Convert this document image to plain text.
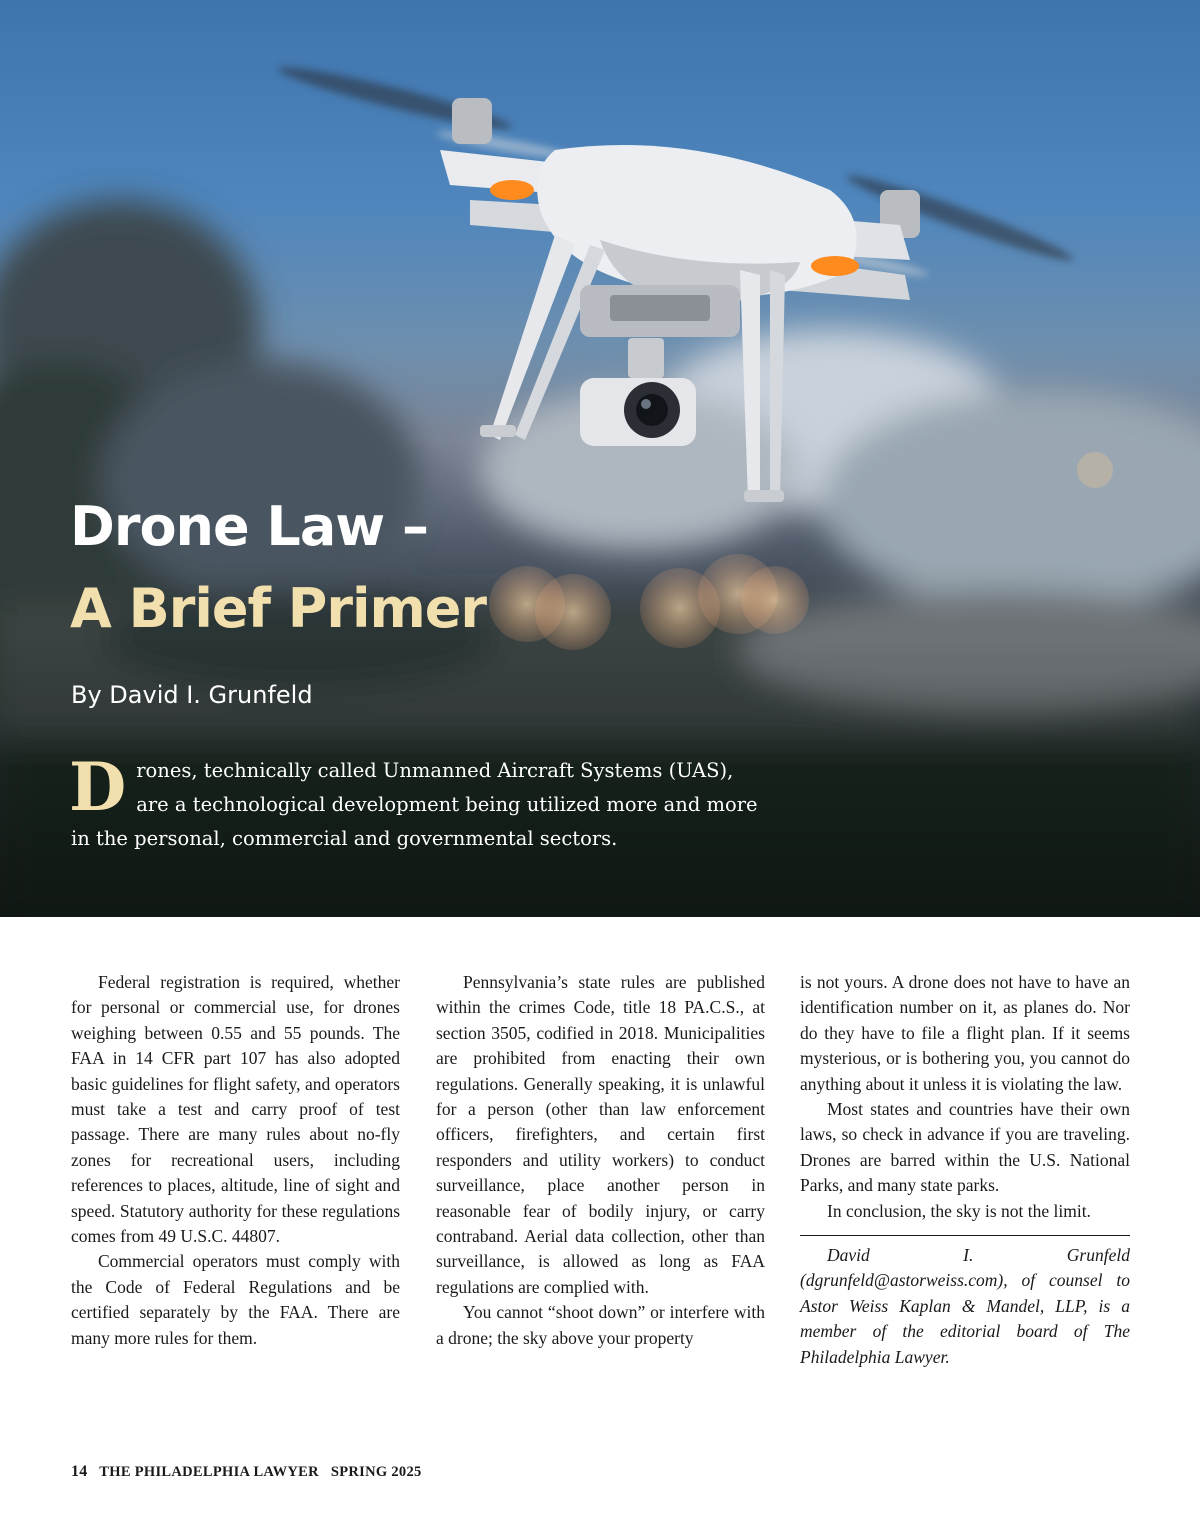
Drone Law –
A Brief Primer
By David I. Grunfeld

Drones, technically called Unmanned Aircraft Systems (UAS), are a technological development being utilized more and more in the personal, commercial and governmental sectors.

Federal registration is required, whether for personal or commercial use, for drones weighing between 0.55 and 55 pounds. The FAA in 14 CFR part 107 has also adopted basic guidelines for flight safety, and operators must take a test and carry proof of test passage. There are many rules about no-fly zones for recreational users, including references to places, altitude, line of sight and speed. Statutory authority for these regulations comes from 49 U.S.C. 44807.

Commercial operators must comply with the Code of Federal Regulations and be certified separately by the FAA. There are many more rules for them.

Pennsylvania’s state rules are published within the crimes Code, title 18 PA.C.S., at section 3505, codified in 2018. Municipalities are prohibited from enacting their own regulations. Generally speaking, it is unlawful for a person (other than law enforcement officers, firefighters, and certain first responders and utility workers) to conduct surveillance, place another person in reasonable fear of bodily injury, or carry contraband. Aerial data collection, other than surveillance, is allowed as long as FAA regulations are complied with.

You cannot “shoot down” or interfere with a drone; the sky above your property

is not yours. A drone does not have to have an identification number on it, as planes do. Nor do they have to file a flight plan. If it seems mysterious, or is bothering you, you cannot do anything about it unless it is violating the law.

Most states and countries have their own laws, so check in advance if you are traveling. Drones are barred within the U.S. National Parks, and many state parks.

In conclusion, the sky is not the limit.

David I. Grunfeld (dgrunfeld@astorweiss.com), of counsel to Astor Weiss Kaplan & Mandel, LLP, is a member of the editorial board of The Philadelphia Lawyer.

14 THE PHILADELPHIA LAWYER SPRING 2025
